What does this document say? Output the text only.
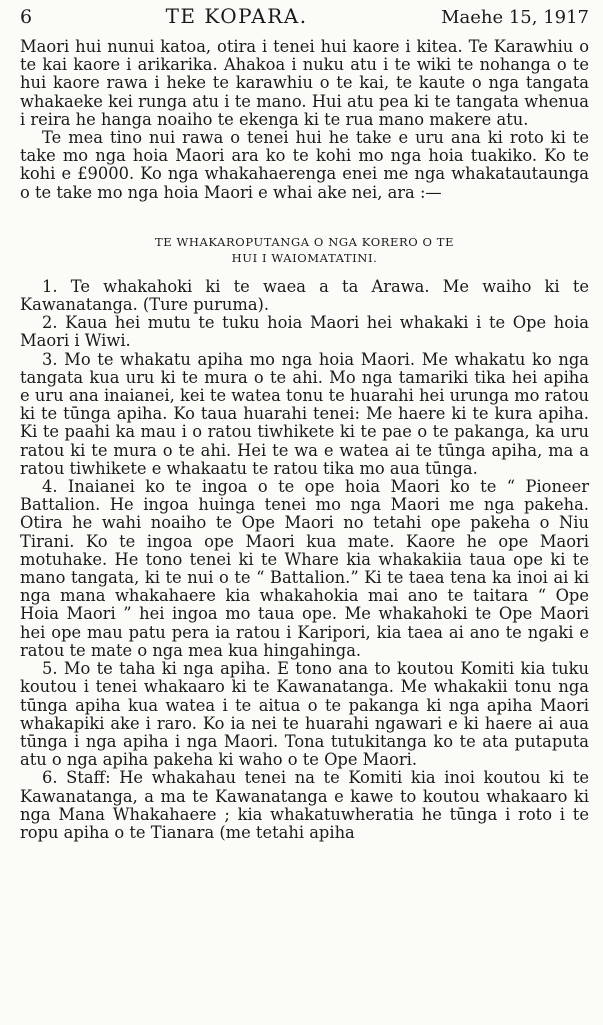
6	TE KOPARA.	Maehe 15, 1917

Maori hui nunui katoa, otira i tenei hui kaore i kitea. Te Karawhiu o te kai kaore i arikarika. Ahakoa i nuku atu i te wiki te nohanga o te hui kaore rawa i heke te karawhiu o te kai, te kaute o nga tangata whakaeke kei runga atu i te mano. Hui atu pea ki te tangata whenua i reira he hanga noaiho te ekenga ki te rua mano makere atu.

Te mea tino nui rawa o tenei hui he take e uru ana ki roto ki te take mo nga hoia Maori ara ko te kohi mo nga hoia tuakiko. Ko te kohi e £9000. Ko nga whakahaerenga enei me nga whakatautaunga o te take mo nga hoia Maori e whai ake nei, ara :—

TE WHAKAROPUTANGA O NGA KORERO O TE
HUI I WAIOMATATINI.

1. Te whakahoki ki te waea a ta Arawa. Me waiho ki te Kawanatanga. (Ture puruma).

2. Kaua hei mutu te tuku hoia Maori hei whakaki i te Ope hoia Maori i Wiwi.

3. Mo te whakatu apiha mo nga hoia Maori. Me whakatu ko nga tangata kua uru ki te mura o te ahi. Mo nga tamariki tika hei apiha e uru ana inaianei, kei te watea tonu te huarahi hei urunga mo ratou ki te tūnga apiha. Ko taua huarahi tenei: Me haere ki te kura apiha. Ki te paahi ka mau i o ratou tiwhikete ki te pae o te pakanga, ka uru ratou ki te mura o te ahi. Hei te wa e watea ai te tūnga apiha, ma a ratou tiwhikete e whakaatu te ratou tika mo aua tūnga.

4. Inaianei ko te ingoa o te ope hoia Maori ko te “ Pioneer Battalion. He ingoa huinga tenei mo nga Maori me nga pakeha. Otira he wahi noaiho te Ope Maori no tetahi ope pakeha o Niu Tirani. Ko te ingoa ope Maori kua mate. Kaore he ope Maori motuhake. He tono tenei ki te Whare kia whakakiia taua ope ki te mano tangata, ki te nui o te “ Battalion.” Ki te taea tena ka inoi ai ki nga mana whakahaere kia whakahokia mai ano te taitara “ Ope Hoia Maori ” hei ingoa mo taua ope. Me whakahoki te Ope Maori hei ope mau patu pera ia ratou i Karipori, kia taea ai ano te ngaki e ratou te mate o nga mea kua hingahinga.

5. Mo te taha ki nga apiha. E tono ana to koutou Komiti kia tuku koutou i tenei whakaaro ki te Kawanatanga. Me whakakii tonu nga tūnga apiha kua watea i te aitua o te pakanga ki nga apiha Maori whakapiki ake i raro. Ko ia nei te huarahi ngawari e ki haere ai aua tūnga i nga apiha i nga Maori. Tona tutukitanga ko te ata putaputa atu o nga apiha pakeha ki waho o te Ope Maori.

6. Staff: He whakahau tenei na te Komiti kia inoi koutou ki te Kawanatanga, a ma te Kawanatanga e kawe to koutou whakaaro ki nga Mana Whakahaere ; kia whakatuwheratia he tūnga i roto i te ropu apiha o te Tianara (me tetahi apiha
